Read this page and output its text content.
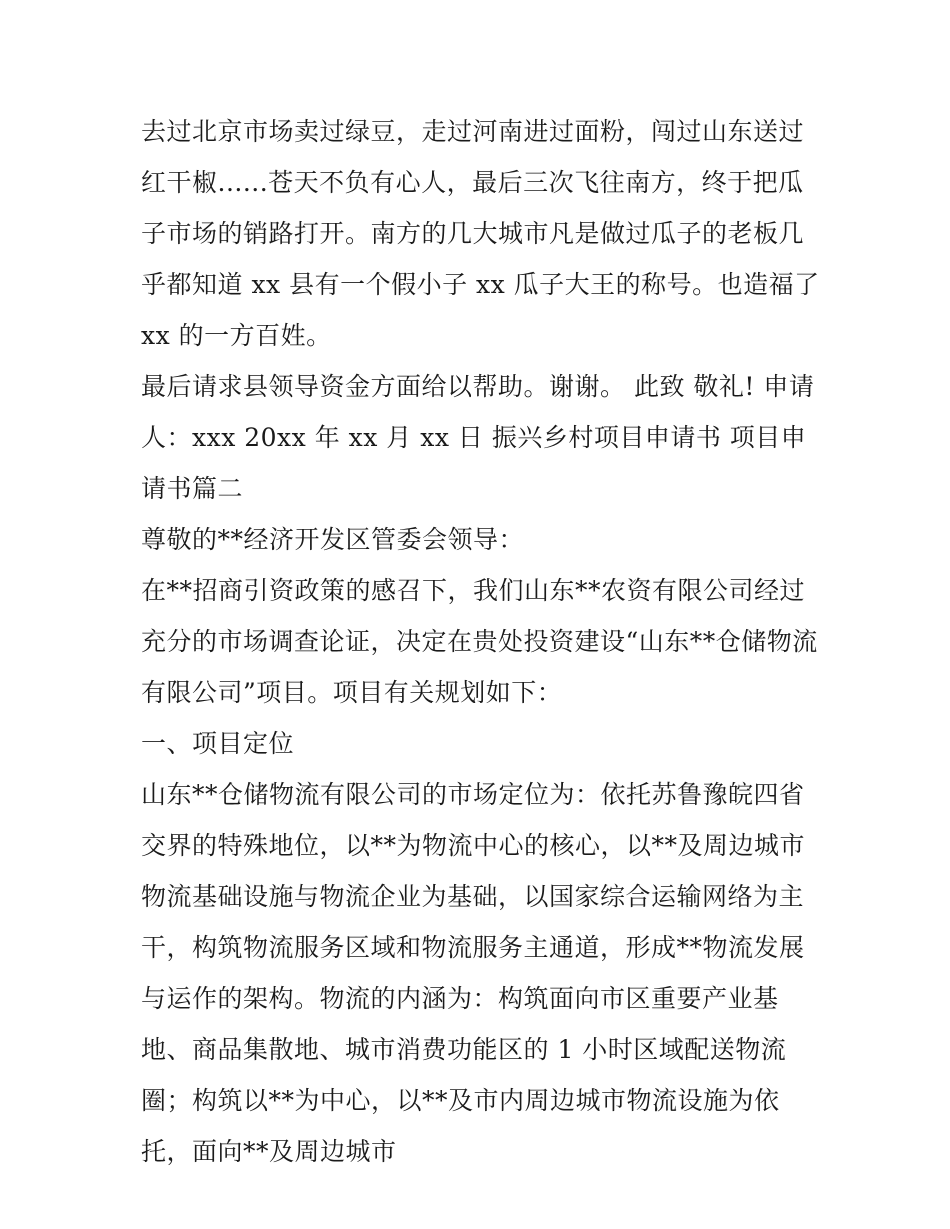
去过北京市场卖过绿豆，走过河南进过面粉，闯过山东送过红干椒......苍天不负有心人，最后三次飞往南方，终于把瓜子市场的销路打开。南方的几大城市凡是做过瓜子的老板几乎都知道 xx 县有一个假小子 xx 瓜子大王的称号。也造福了 xx 的一方百姓。

最后请求县领导资金方面给以帮助。谢谢。 此致 敬礼! 申请人：xxx 20xx 年 xx 月 xx 日 振兴乡村项目申请书 项目申请书篇二

尊敬的**经济开发区管委会领导：

在**招商引资政策的感召下，我们山东**农资有限公司经过充分的市场调查论证，决定在贵处投资建设“山东**仓储物流有限公司”项目。项目有关规划如下：

一、项目定位

山东**仓储物流有限公司的市场定位为：依托苏鲁豫皖四省交界的特殊地位，以**为物流中心的核心，以**及周边城市物流基础设施与物流企业为基础，以国家综合运输网络为主干，构筑物流服务区域和物流服务主通道，形成**物流发展与运作的架构。物流的内涵为：构筑面向市区重要产业基地、商品集散地、城市消费功能区的 1 小时区域配送物流圈；构筑以**为中心，以**及市内周边城市物流设施为依托，面向**及周边城市
